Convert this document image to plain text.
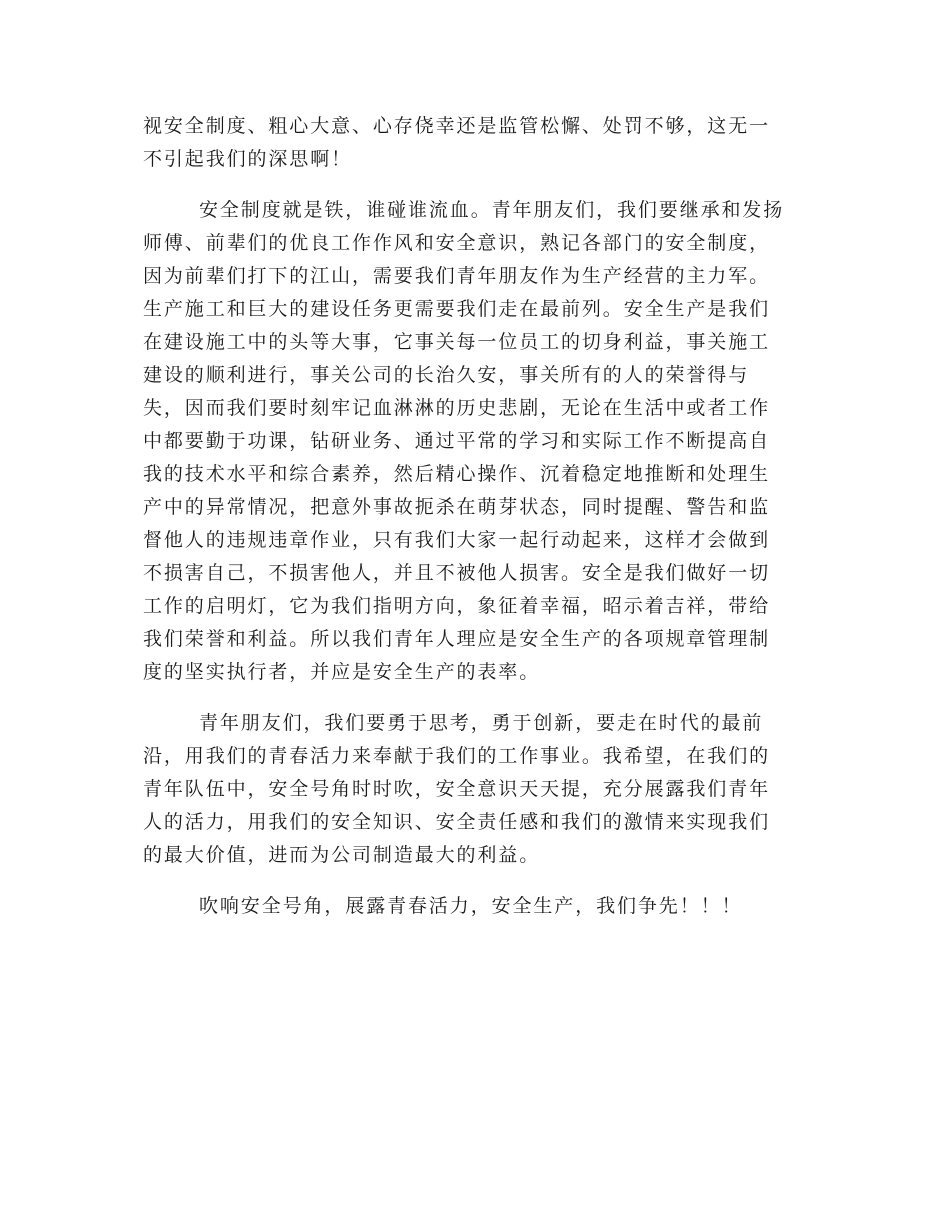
视安全制度、粗心大意、心存侥幸还是监管松懈、处罚不够，这无一
不引起我们的深思啊！
安全制度就是铁，谁碰谁流血。青年朋友们，我们要继承和发扬
师傅、前辈们的优良工作作风和安全意识，熟记各部门的安全制度，
因为前辈们打下的江山，需要我们青年朋友作为生产经营的主力军。
生产施工和巨大的建设任务更需要我们走在最前列。安全生产是我们
在建设施工中的头等大事，它事关每一位员工的切身利益，事关施工
建设的顺利进行，事关公司的长治久安，事关所有的人的荣誉得与
失，因而我们要时刻牢记血淋淋的历史悲剧，无论在生活中或者工作
中都要勤于功课，钻研业务、通过平常的学习和实际工作不断提高自
我的技术水平和综合素养，然后精心操作、沉着稳定地推断和处理生
产中的异常情况，把意外事故扼杀在萌芽状态，同时提醒、警告和监
督他人的违规违章作业，只有我们大家一起行动起来，这样才会做到
不损害自己，不损害他人，并且不被他人损害。安全是我们做好一切
工作的启明灯，它为我们指明方向，象征着幸福，昭示着吉祥，带给
我们荣誉和利益。所以我们青年人理应是安全生产的各项规章管理制
度的坚实执行者，并应是安全生产的表率。
青年朋友们，我们要勇于思考，勇于创新，要走在时代的最前
沿，用我们的青春活力来奉献于我们的工作事业。我希望，在我们的
青年队伍中，安全号角时时吹，安全意识天天提，充分展露我们青年
人的活力，用我们的安全知识、安全责任感和我们的激情来实现我们
的最大价值，进而为公司制造最大的利益。
吹响安全号角，展露青春活力，安全生产，我们争先！！！
